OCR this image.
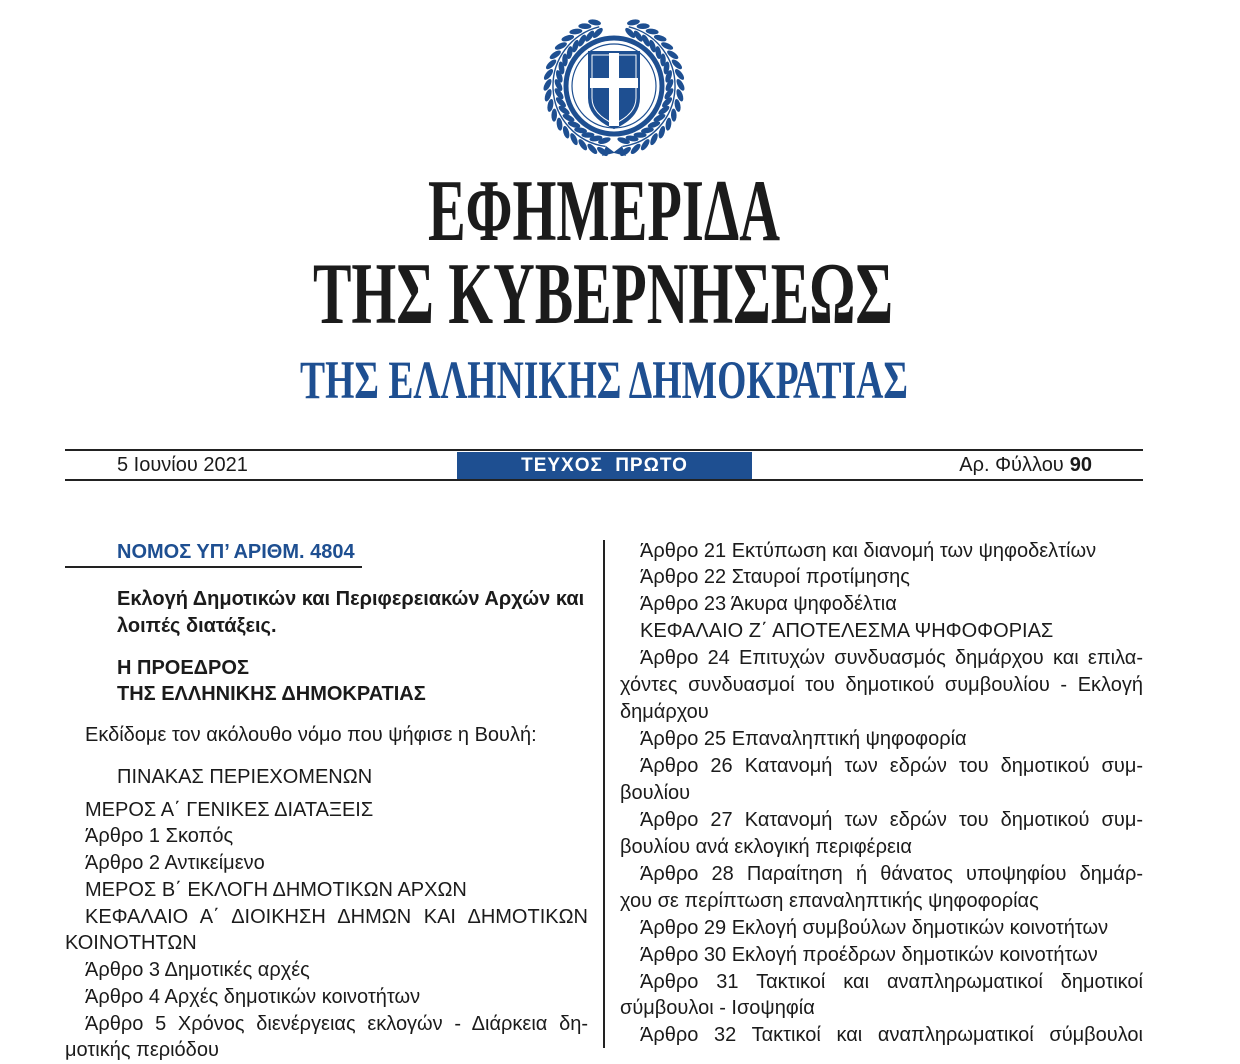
ΕΦΗΜΕΡΙΔΑ
ΤΗΣ ΚΥΒΕΡΝΗΣΕΩΣ
ΤΗΣ ΕΛΛΗΝΙΚΗΣ ΔΗΜΟΚΡΑΤΙΑΣ
5 Ιουνίου 2021	ΤΕΥΧΟΣ ΠΡΩΤΟ	Αρ. Φύλλου 90
ΝΟΜΟΣ ΥΠ’ ΑΡΙΘΜ. 4804
Εκλογή Δημοτικών και Περιφερειακών Αρχών και
λοιπές διατάξεις.
Η ΠΡΟΕΔΡΟΣ
ΤΗΣ ΕΛΛΗΝΙΚΗΣ ΔΗΜΟΚΡΑΤΙΑΣ
Εκδίδομε τον ακόλουθο νόμο που ψήφισε η Βουλή:
ΠΙΝΑΚΑΣ ΠΕΡΙΕΧΟΜΕΝΩΝ
ΜΕΡΟΣ Α΄ ΓΕΝΙΚΕΣ ΔΙΑΤΑΞΕΙΣ
Άρθρο 1 Σκοπός
Άρθρο 2 Αντικείμενο
ΜΕΡΟΣ Β΄ ΕΚΛΟΓΗ ΔΗΜΟΤΙΚΩΝ ΑΡΧΩΝ
ΚΕΦΑΛΑΙΟ Α΄ ΔΙΟΙΚΗΣΗ ΔΗΜΩΝ ΚΑΙ ΔΗΜΟΤΙΚΩΝ
ΚΟΙΝΟΤΗΤΩΝ
Άρθρο 3 Δημοτικές αρχές
Άρθρο 4 Αρχές δημοτικών κοινοτήτων
Άρθρο 5 Χρόνος διενέργειας εκλογών - Διάρκεια δη-
μοτικής περιόδου
Άρθρο 21 Εκτύπωση και διανομή των ψηφοδελτίων
Άρθρο 22 Σταυροί προτίμησης
Άρθρο 23 Άκυρα ψηφοδέλτια
ΚΕΦΑΛΑΙΟ Ζ΄ ΑΠΟΤΕΛΕΣΜΑ ΨΗΦΟΦΟΡΙΑΣ
Άρθρο 24 Επιτυχών συνδυασμός δημάρχου και επιλα-
χόντες συνδυασμοί του δημοτικού συμβουλίου - Εκλογή
δημάρχου
Άρθρο 25 Επαναληπτική ψηφοφορία
Άρθρο 26 Κατανομή των εδρών του δημοτικού συμ-
βουλίου
Άρθρο 27 Κατανομή των εδρών του δημοτικού συμ-
βουλίου ανά εκλογική περιφέρεια
Άρθρο 28 Παραίτηση ή θάνατος υποψηφίου δημάρ-
χου σε περίπτωση επαναληπτικής ψηφοφορίας
Άρθρο 29 Εκλογή συμβούλων δημοτικών κοινοτήτων
Άρθρο 30 Εκλογή προέδρων δημοτικών κοινοτήτων
Άρθρο 31 Τακτικοί και αναπληρωματικοί δημοτικοί
σύμβουλοι - Ισοψηφία
Άρθρο 32 Τακτικοί και αναπληρωματικοί σύμβουλοι
